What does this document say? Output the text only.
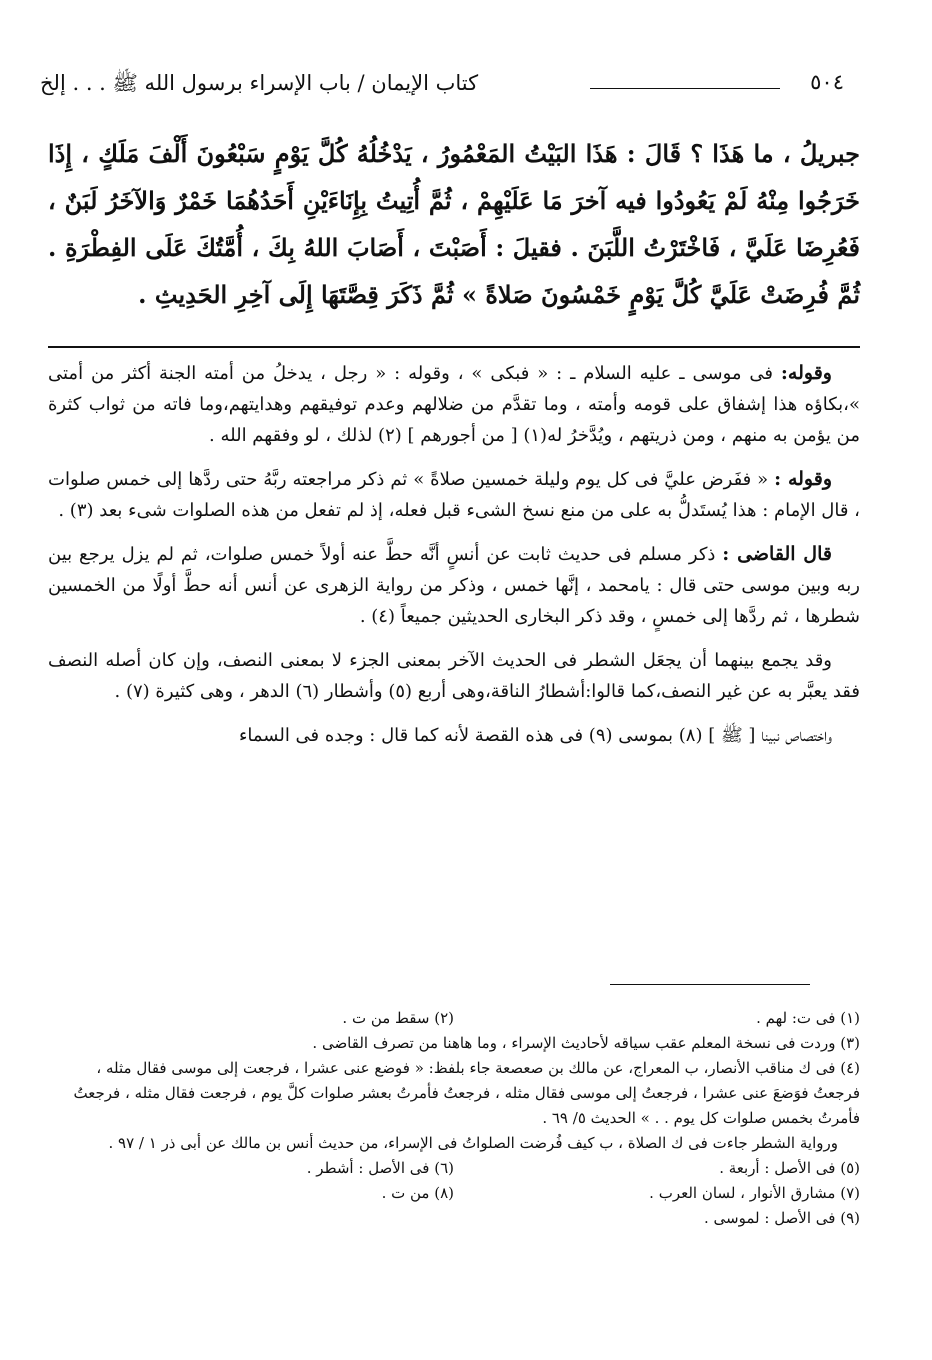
٥٠٤
كتاب الإيمان / باب الإسراء برسول الله ﷺ . . . إلخ
جبريلُ ، ما هَذَا ؟ قَالَ : هَذَا البَيْتُ المَعْمُورُ ، يَدْخُلُهُ كُلَّ يَوْمٍ سَبْعُونَ أَلْفَ مَلَكٍ ، إِذَا خَرَجُوا مِنْهُ لَمْ يَعُودُوا فيه آخرَ مَا عَلَيْهِمْ ، ثُمَّ أُتِيتُ بِإِنَاءَيْنِ أَحَدُهُمَا خَمْرٌ وَالآخَرُ لَبَنٌ ، فَعُرِضَا عَلَيَّ ، فَاخْتَرْتُ اللَّبَنَ . فقيلَ : أَصَبْتَ ، أَصَابَ اللهُ بِكَ ، أُمَّتُكَ عَلَى الفِطْرَةِ . ثُمَّ فُرِضَتْ عَلَيَّ كُلَّ يَوْمٍ خَمْسُونَ صَلاةً » ثُمَّ ذَكَرَ قِصَّتَهَا إِلَى آخِرِ الحَدِيثِ .

وقوله: فى موسى ـ عليه السلام ـ : « فبكى » ، وقوله : « رجل ، يدخلُ من أمته الجنة أكثر من أمتى »،بكاؤه هذا إشفاق على قومه وأمته ، وما تقدَّم من ضلالهم وعدم توفيقهم وهدايتهم،وما فاته من ثواب كثرة من يؤمن به منهم ، ومن ذريتهم ، ويُدَّخرُ له(١) [ من أجورهم ] (٢) لذلك ، لو وفقهم الله .

وقوله : « ففَرض عليَّ فى كل يوم وليلة خمسين صلاةً » ثم ذكر مراجعته ربَّهُ حتى ردَّها إلى خمس صلوات ، قال الإمام : هذا يُستَدلُّ به على من منع نسخ الشىء قبل فعله، إذ لم تفعل من هذه الصلوات شىء بعد (٣) .

قال القاضى : ذكر مسلم فى حديث ثابت عن أنسٍ أنَّه حطَّ عنه أولاً خمس صلوات، ثم لم يزل يرجع بين ربه وبين موسى حتى قال : يامحمد ، إنَّها خمس ، وذكر من رواية الزهرى عن أنس أنه حطَّ أولًا من الخمسين شطرها ، ثم ردَّها إلى خمسٍ ، وقد ذكر البخارى الحديثين جميعاً (٤) .

وقد يجمع بينهما أن يجعَل الشطر فى الحديث الآخر بمعنى الجزء لا بمعنى النصف، وإن كان أصله النصف فقد يعبَّر به عن غير النصف،كما قالوا:أشطارُ الناقة،وهى أربع (٥) وأشطار (٦) الدهر ، وهى كثيرة (٧) .

واختصاص نبينا [ ﷺ ] (٨) بموسى (٩) فى هذه القصة لأنه كما قال : وجده فى السماء

(١) فى ت: لهم .

(٢) سقط من ت .

(٣) وردت فى نسخة المعلم عقب سياقه لأحاديث الإسراء ، وما هاهنا من تصرف القاضى .

(٤) فى ك مناقب الأنصار، ب المعراج، عن مالك بن صعصعة جاء بلفظ: « فوضع عنى عشرا ، فرجعت إلى موسى فقال مثله ، فرجعتُ فوَضعَ عنى عشرا ، فرجعتُ إلى موسى فقال مثله ، فرجعتُ فأمرتُ بعشر صلوات كلَّ يوم ، فرجعت فقال مثله ، فرجعتُ فأمرتُ بخمس صلوات كل يوم . . » الحديث ٥/ ٦٩ .

ورواية الشطر جاءت فى ك الصلاة ، ب كيف فُرضت الصلواتُ فى الإسراء، من حديث أنس بن مالك عن أبى ذر ١ / ٩٧ .

(٥) فى الأصل : أربعة .

(٦) فى الأصل : أشطر .

(٧) مشارق الأنوار ، لسان العرب .

(٨) من ت .

(٩) فى الأصل : لموسى .
